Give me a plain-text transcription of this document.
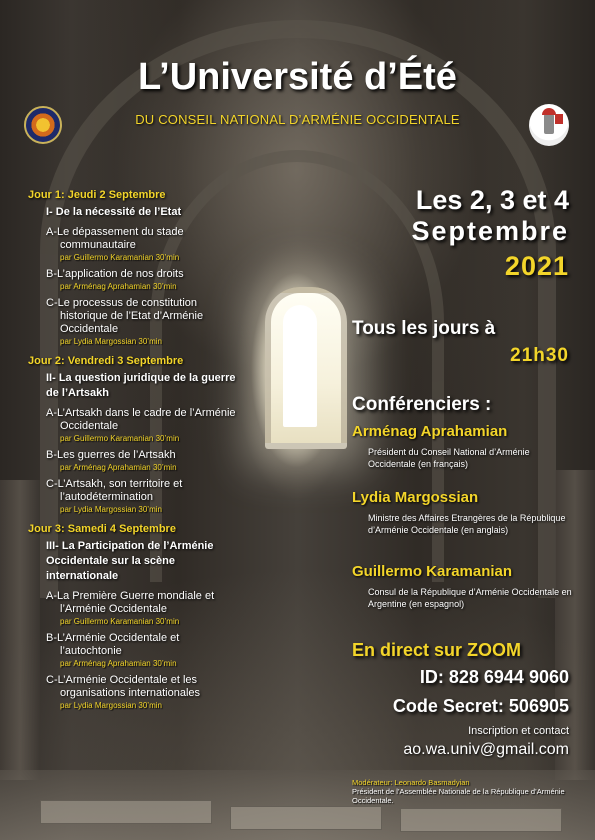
L’Université d’Été
DU CONSEIL NATIONAL D’ARMÉNIE OCCIDENTALE
Jour 1: Jeudi 2 Septembre
I- De la nécessité de l’Etat
A-Le dépassement du stade communautaire
par Guillermo Karamanian 30’min
B-L’application de nos droits
par Arménag Aprahamian 30’min
C-Le processus de constitution historique de l’Etat d’Arménie Occidentale
par Lydia Margossian 30’min
Jour 2: Vendredi 3 Septembre
II- La question juridique de la guerre de l’Artsakh
A-L’Artsakh dans le cadre de l’Arménie Occidentale
par Guillermo Karamanian 30’min
B-Les guerres de l’Artsakh
par Arménag Aprahamian 30’min
C-L’Artsakh, son territoire et l’autodétermination
par Lydia Margossian 30’min
Jour 3: Samedi 4 Septembre
III- La Participation de l’Arménie Occidentale sur la scène internationale
A-La Première Guerre mondiale et l’Arménie Occidentale
par Guillermo Karamanian 30’min
B-L’Arménie Occidentale et l’autochtonie
par Arménag Aprahamian 30’min
C-L’Arménie Occidentale et les organisations internationales
par Lydia Margossian 30’min
Les 2, 3 et 4
Septembre
2021
Tous les jours à
21h30
Conférenciers :
Arménag Aprahamian
Président du Conseil National d’Arménie Occidentale (en français)
Lydia Margossian
Ministre des Affaires Etrangères de la République d’Arménie Occidentale (en anglais)
Guillermo Karamanian
Consul de la République d’Arménie Occidentale en Argentine (en espagnol)
En direct sur ZOOM
ID: 828 6944 9060
Code Secret: 506905
Inscription et contact
ao.wa.univ@gmail.com
Modérateur: Leonardo Basmadyian
Président de l’Assemblée Nationale de la République d’Arménie Occidentale.
